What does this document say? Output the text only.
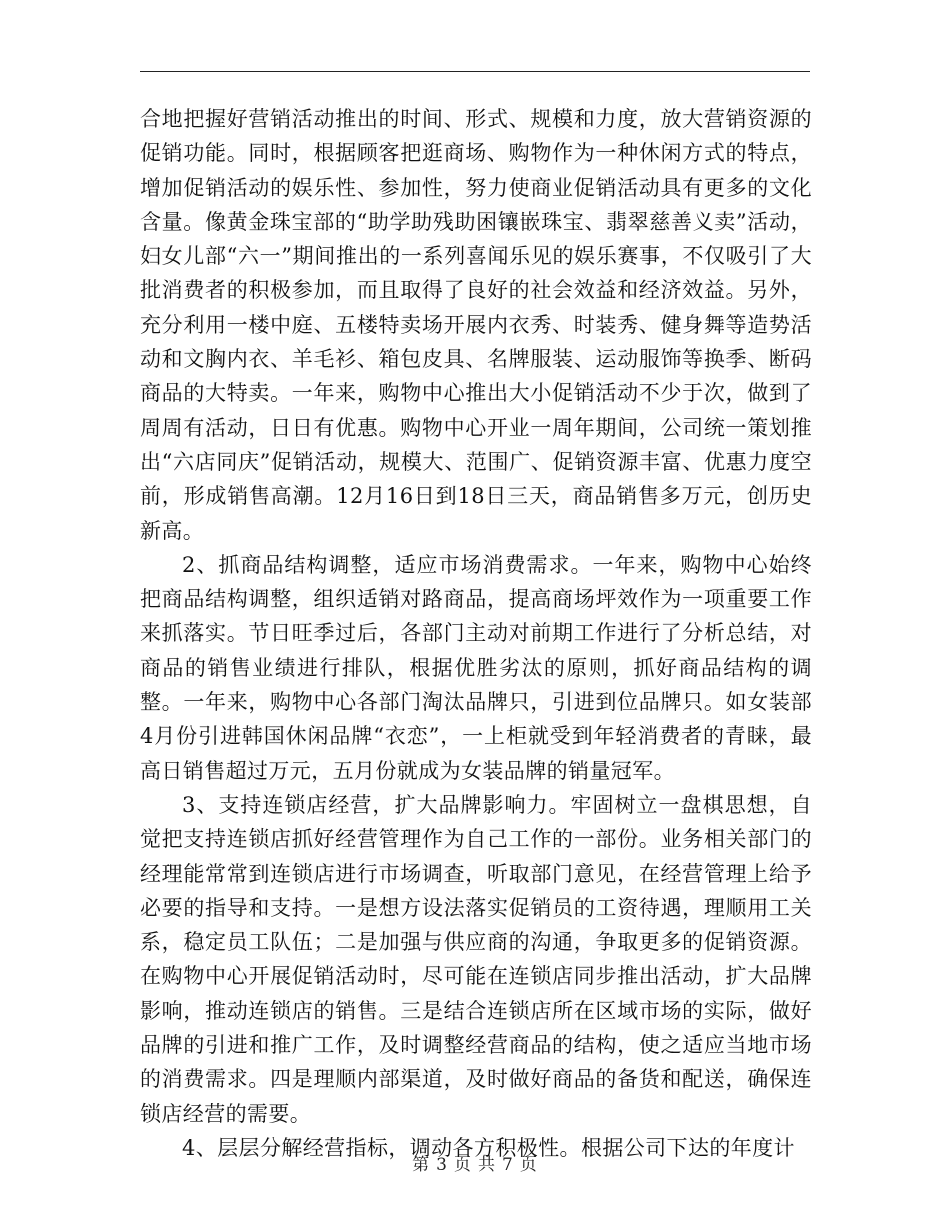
合地把握好营销活动推出的时间、形式、规模和力度，放大营销资源的促销功能。同时，根据顾客把逛商场、购物作为一种休闲方式的特点，增加促销活动的娱乐性、参加性，努力使商业促销活动具有更多的文化含量。像黄金珠宝部的“助学助残助困镶嵌珠宝、翡翠慈善义卖”活动，妇女儿部“六一”期间推出的一系列喜闻乐见的娱乐赛事，不仅吸引了大批消费者的积极参加，而且取得了良好的社会效益和经济效益。另外，充分利用一楼中庭、五楼特卖场开展内衣秀、时装秀、健身舞等造势活动和文胸内衣、羊毛衫、箱包皮具、名牌服装、运动服饰等换季、断码商品的大特卖。一年来，购物中心推出大小促销活动不少于次，做到了周周有活动，日日有优惠。购物中心开业一周年期间，公司统一策划推出“六店同庆”促销活动，规模大、范围广、促销资源丰富、优惠力度空前，形成销售高潮。12月16日到18日三天，商品销售多万元，创历史新高。

2、抓商品结构调整，适应市场消费需求。一年来，购物中心始终把商品结构调整，组织适销对路商品，提高商场坪效作为一项重要工作来抓落实。节日旺季过后，各部门主动对前期工作进行了分析总结，对商品的销售业绩进行排队，根据优胜劣汰的原则，抓好商品结构的调整。一年来，购物中心各部门淘汰品牌只，引进到位品牌只。如女装部4月份引进韩国休闲品牌“衣恋”，一上柜就受到年轻消费者的青睐，最高日销售超过万元，五月份就成为女装品牌的销量冠军。

3、支持连锁店经营，扩大品牌影响力。牢固树立一盘棋思想，自觉把支持连锁店抓好经营管理作为自己工作的一部份。业务相关部门的经理能常常到连锁店进行市场调查，听取部门意见，在经营管理上给予必要的指导和支持。一是想方设法落实促销员的工资待遇，理顺用工关系，稳定员工队伍；二是加强与供应商的沟通，争取更多的促销资源。在购物中心开展促销活动时，尽可能在连锁店同步推出活动，扩大品牌影响，推动连锁店的销售。三是结合连锁店所在区域市场的实际，做好品牌的引进和推广工作，及时调整经营商品的结构，使之适应当地市场的消费需求。四是理顺内部渠道，及时做好商品的备货和配送，确保连锁店经营的需要。

4、层层分解经营指标，调动各方积极性。根据公司下达的年度计

第 3 页 共 7 页
